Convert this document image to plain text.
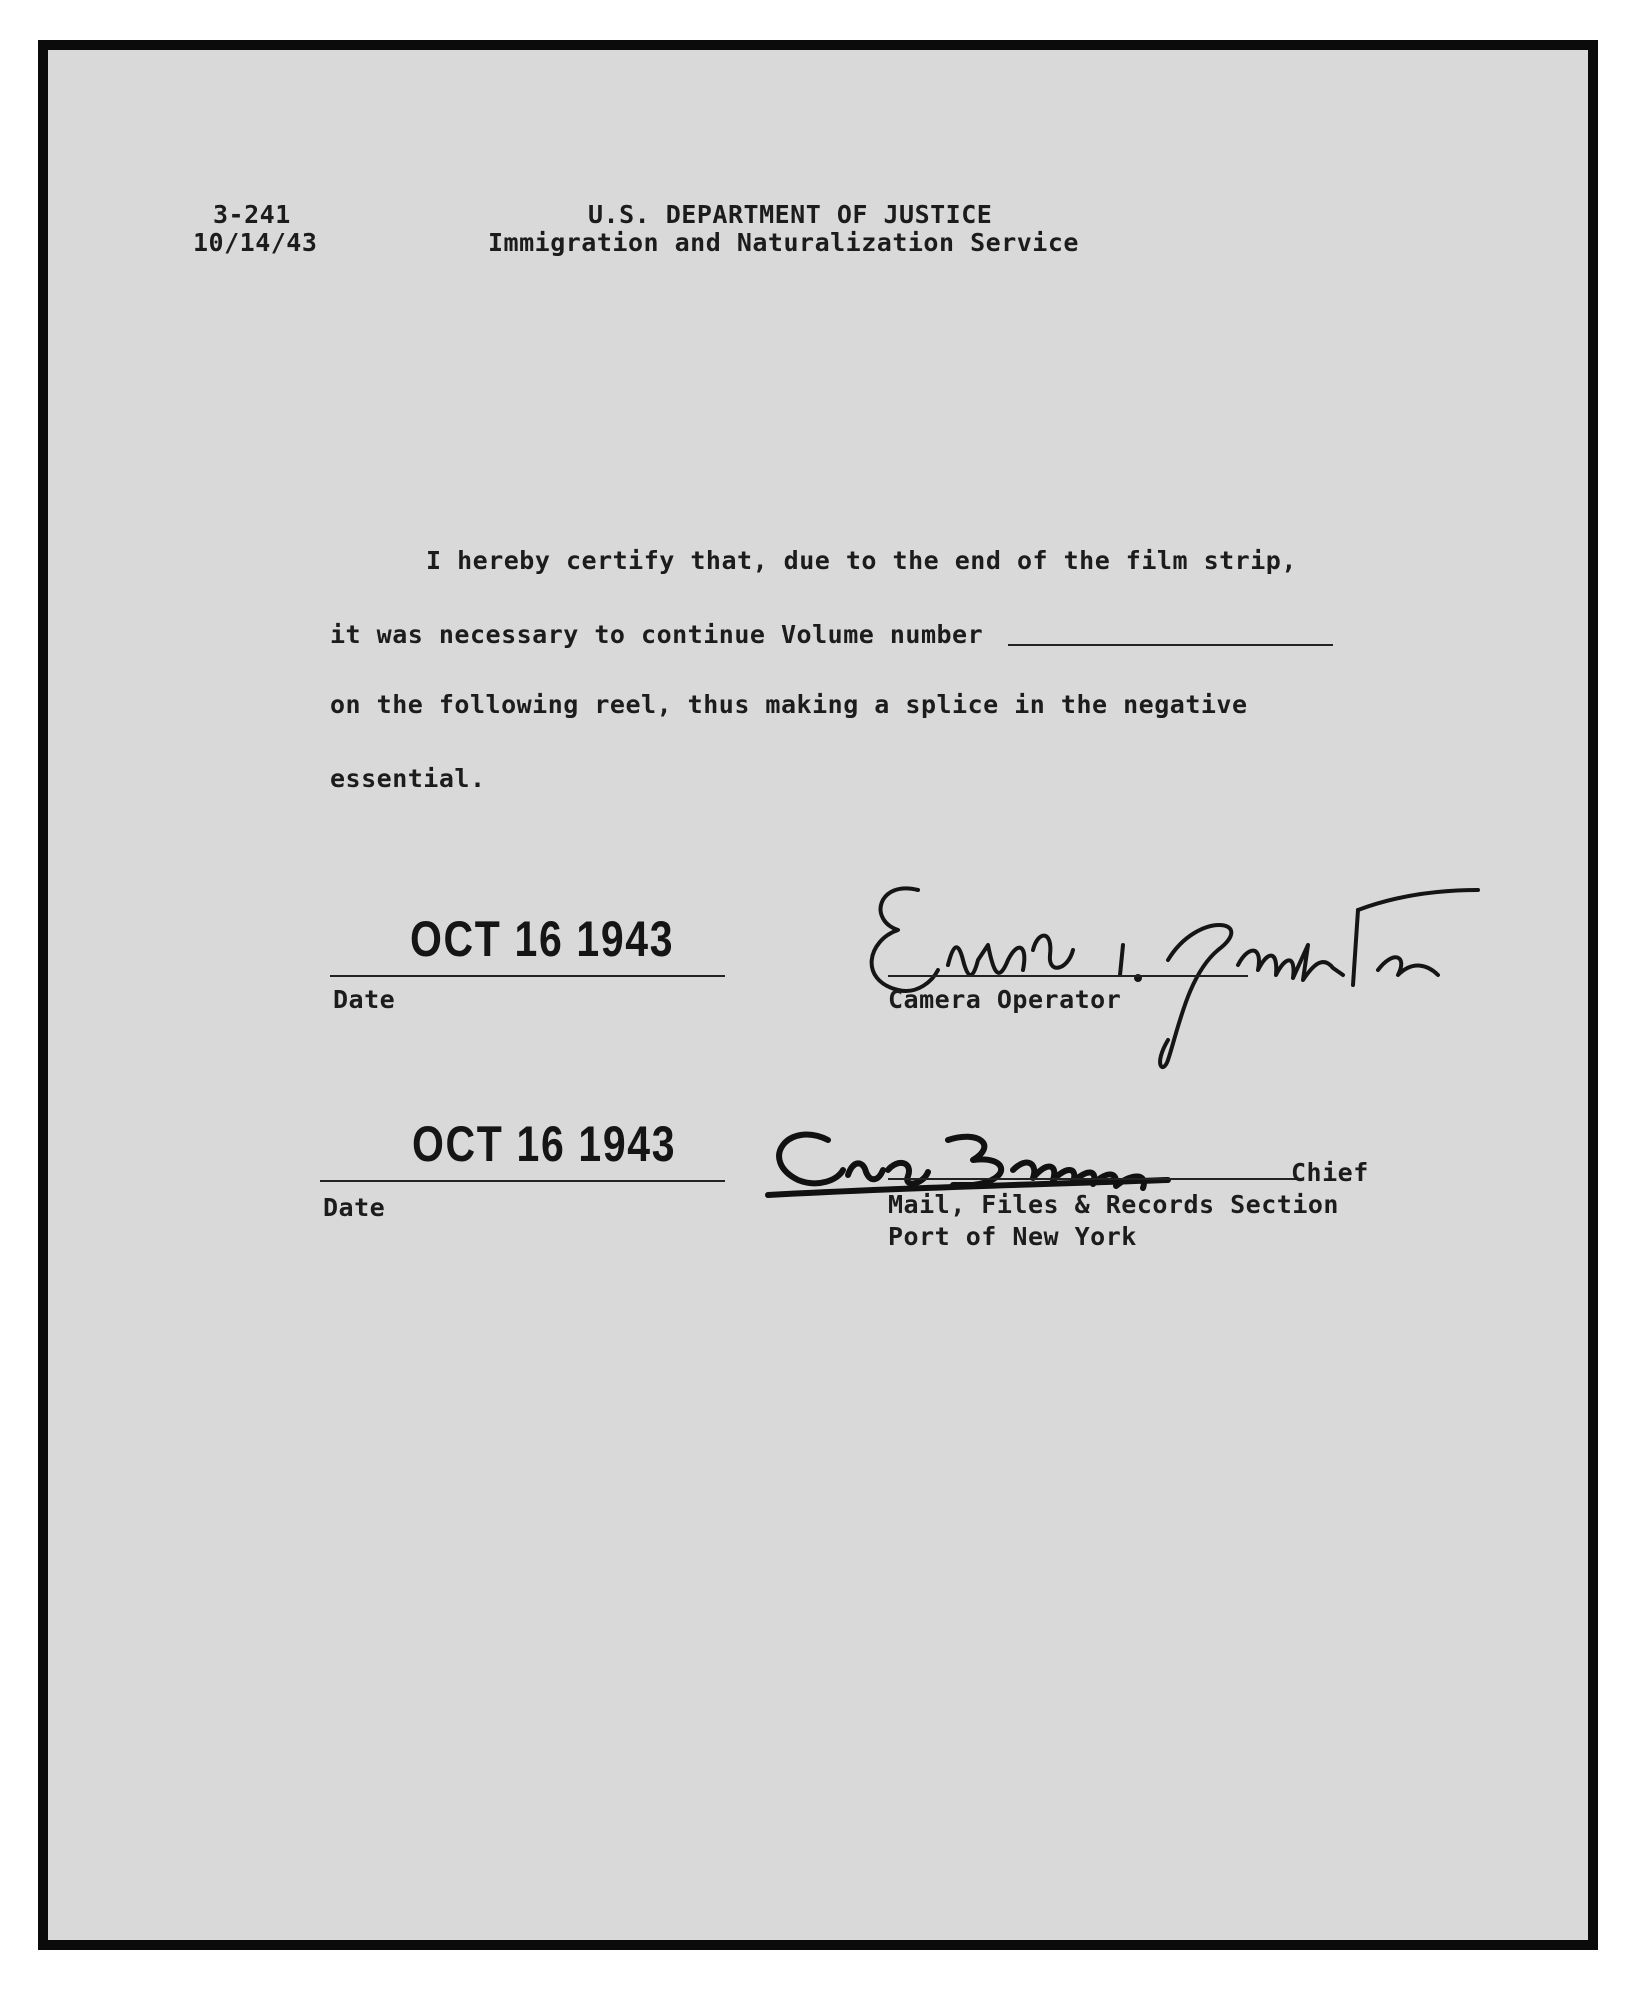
3-241
10/14/43
U.S. DEPARTMENT OF JUSTICE
Immigration and Naturalization Service
I hereby certify that, due to the end of the film strip,
it was necessary to continue Volume number
on the following reel, thus making a splice in the negative
essential.
OCT 16 1943
Date	Camera Operator
OCT 16 1943
Date
Chief
Mail, Files & Records Section
Port of New York
